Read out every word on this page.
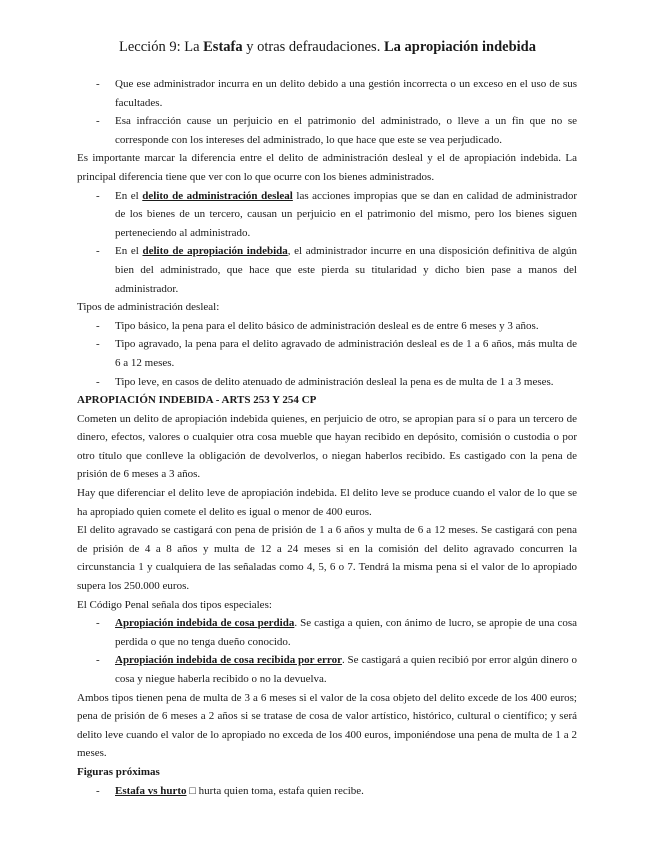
Lección 9: La Estafa y otras defraudaciones. La apropiación indebida
-	Que ese administrador incurra en un delito debido a una gestión incorrecta o un exceso en el uso de sus facultades.
-	Esa infracción cause un perjuicio en el patrimonio del administrado, o lleve a un fin que no se corresponde con los intereses del administrado, lo que hace que este se vea perjudicado.

Es importante marcar la diferencia entre el delito de administración desleal y el de apropiación indebida. La principal diferencia tiene que ver con lo que ocurre con los bienes administrados.

-	En el delito de administración desleal las acciones impropias que se dan en calidad de administrador de los bienes de un tercero, causan un perjuicio en el patrimonio del mismo, pero los bienes siguen perteneciendo al administrado.
-	En el delito de apropiación indebida, el administrador incurre en una disposición definitiva de algún bien del administrado, que hace que este pierda su titularidad y dicho bien pase a manos del administrador.

Tipos de administración desleal:

-	Tipo básico, la pena para el delito básico de administración desleal es de entre 6 meses y 3 años.
-	Tipo agravado, la pena para el delito agravado de administración desleal es de 1 a 6 años, más multa de 6 a 12 meses.
-	Tipo leve, en casos de delito atenuado de administración desleal la pena es de multa de 1 a 3 meses.

APROPIACIÓN INDEBIDA - ARTS 253 Y 254 CP

Cometen un delito de apropiación indebida quienes, en perjuicio de otro, se apropian para sí o para un tercero de dinero, efectos, valores o cualquier otra cosa mueble que hayan recibido en depósito, comisión o custodia o por otro título que conlleve la obligación de devolverlos, o niegan haberlos recibido. Es castigado con la pena de prisión de 6 meses a 3 años.

Hay que diferenciar el delito leve de apropiación indebida. El delito leve se produce cuando el valor de lo que se ha apropiado quien comete el delito es igual o menor de 400 euros.

El delito agravado se castigará con pena de prisión de 1 a 6 años y multa de 6 a 12 meses. Se castigará con pena de prisión de 4 a 8 años y multa de 12 a 24 meses si en la comisión del delito agravado concurren la circunstancia 1 y cualquiera de las señaladas como 4, 5, 6 o 7. Tendrá la misma pena si el valor de lo apropiado supera los 250.000 euros.

El Código Penal señala dos tipos especiales:

-	Apropiación indebida de cosa perdida. Se castiga a quien, con ánimo de lucro, se apropie de una cosa perdida o que no tenga dueño conocido.
-	Apropiación indebida de cosa recibida por error. Se castigará a quien recibió por error algún dinero o cosa y niegue haberla recibido o no la devuelva.

Ambos tipos tienen pena de multa de 3 a 6 meses si el valor de la cosa objeto del delito excede de los 400 euros; pena de prisión de 6 meses a 2 años si se tratase de cosa de valor artístico, histórico, cultural o científico; y será delito leve cuando el valor de lo apropiado no exceda de los 400 euros, imponiéndose una pena de multa de 1 a 2 meses.

Figuras próximas

-	Estafa vs hurto □ hurta quien toma, estafa quien recibe.
